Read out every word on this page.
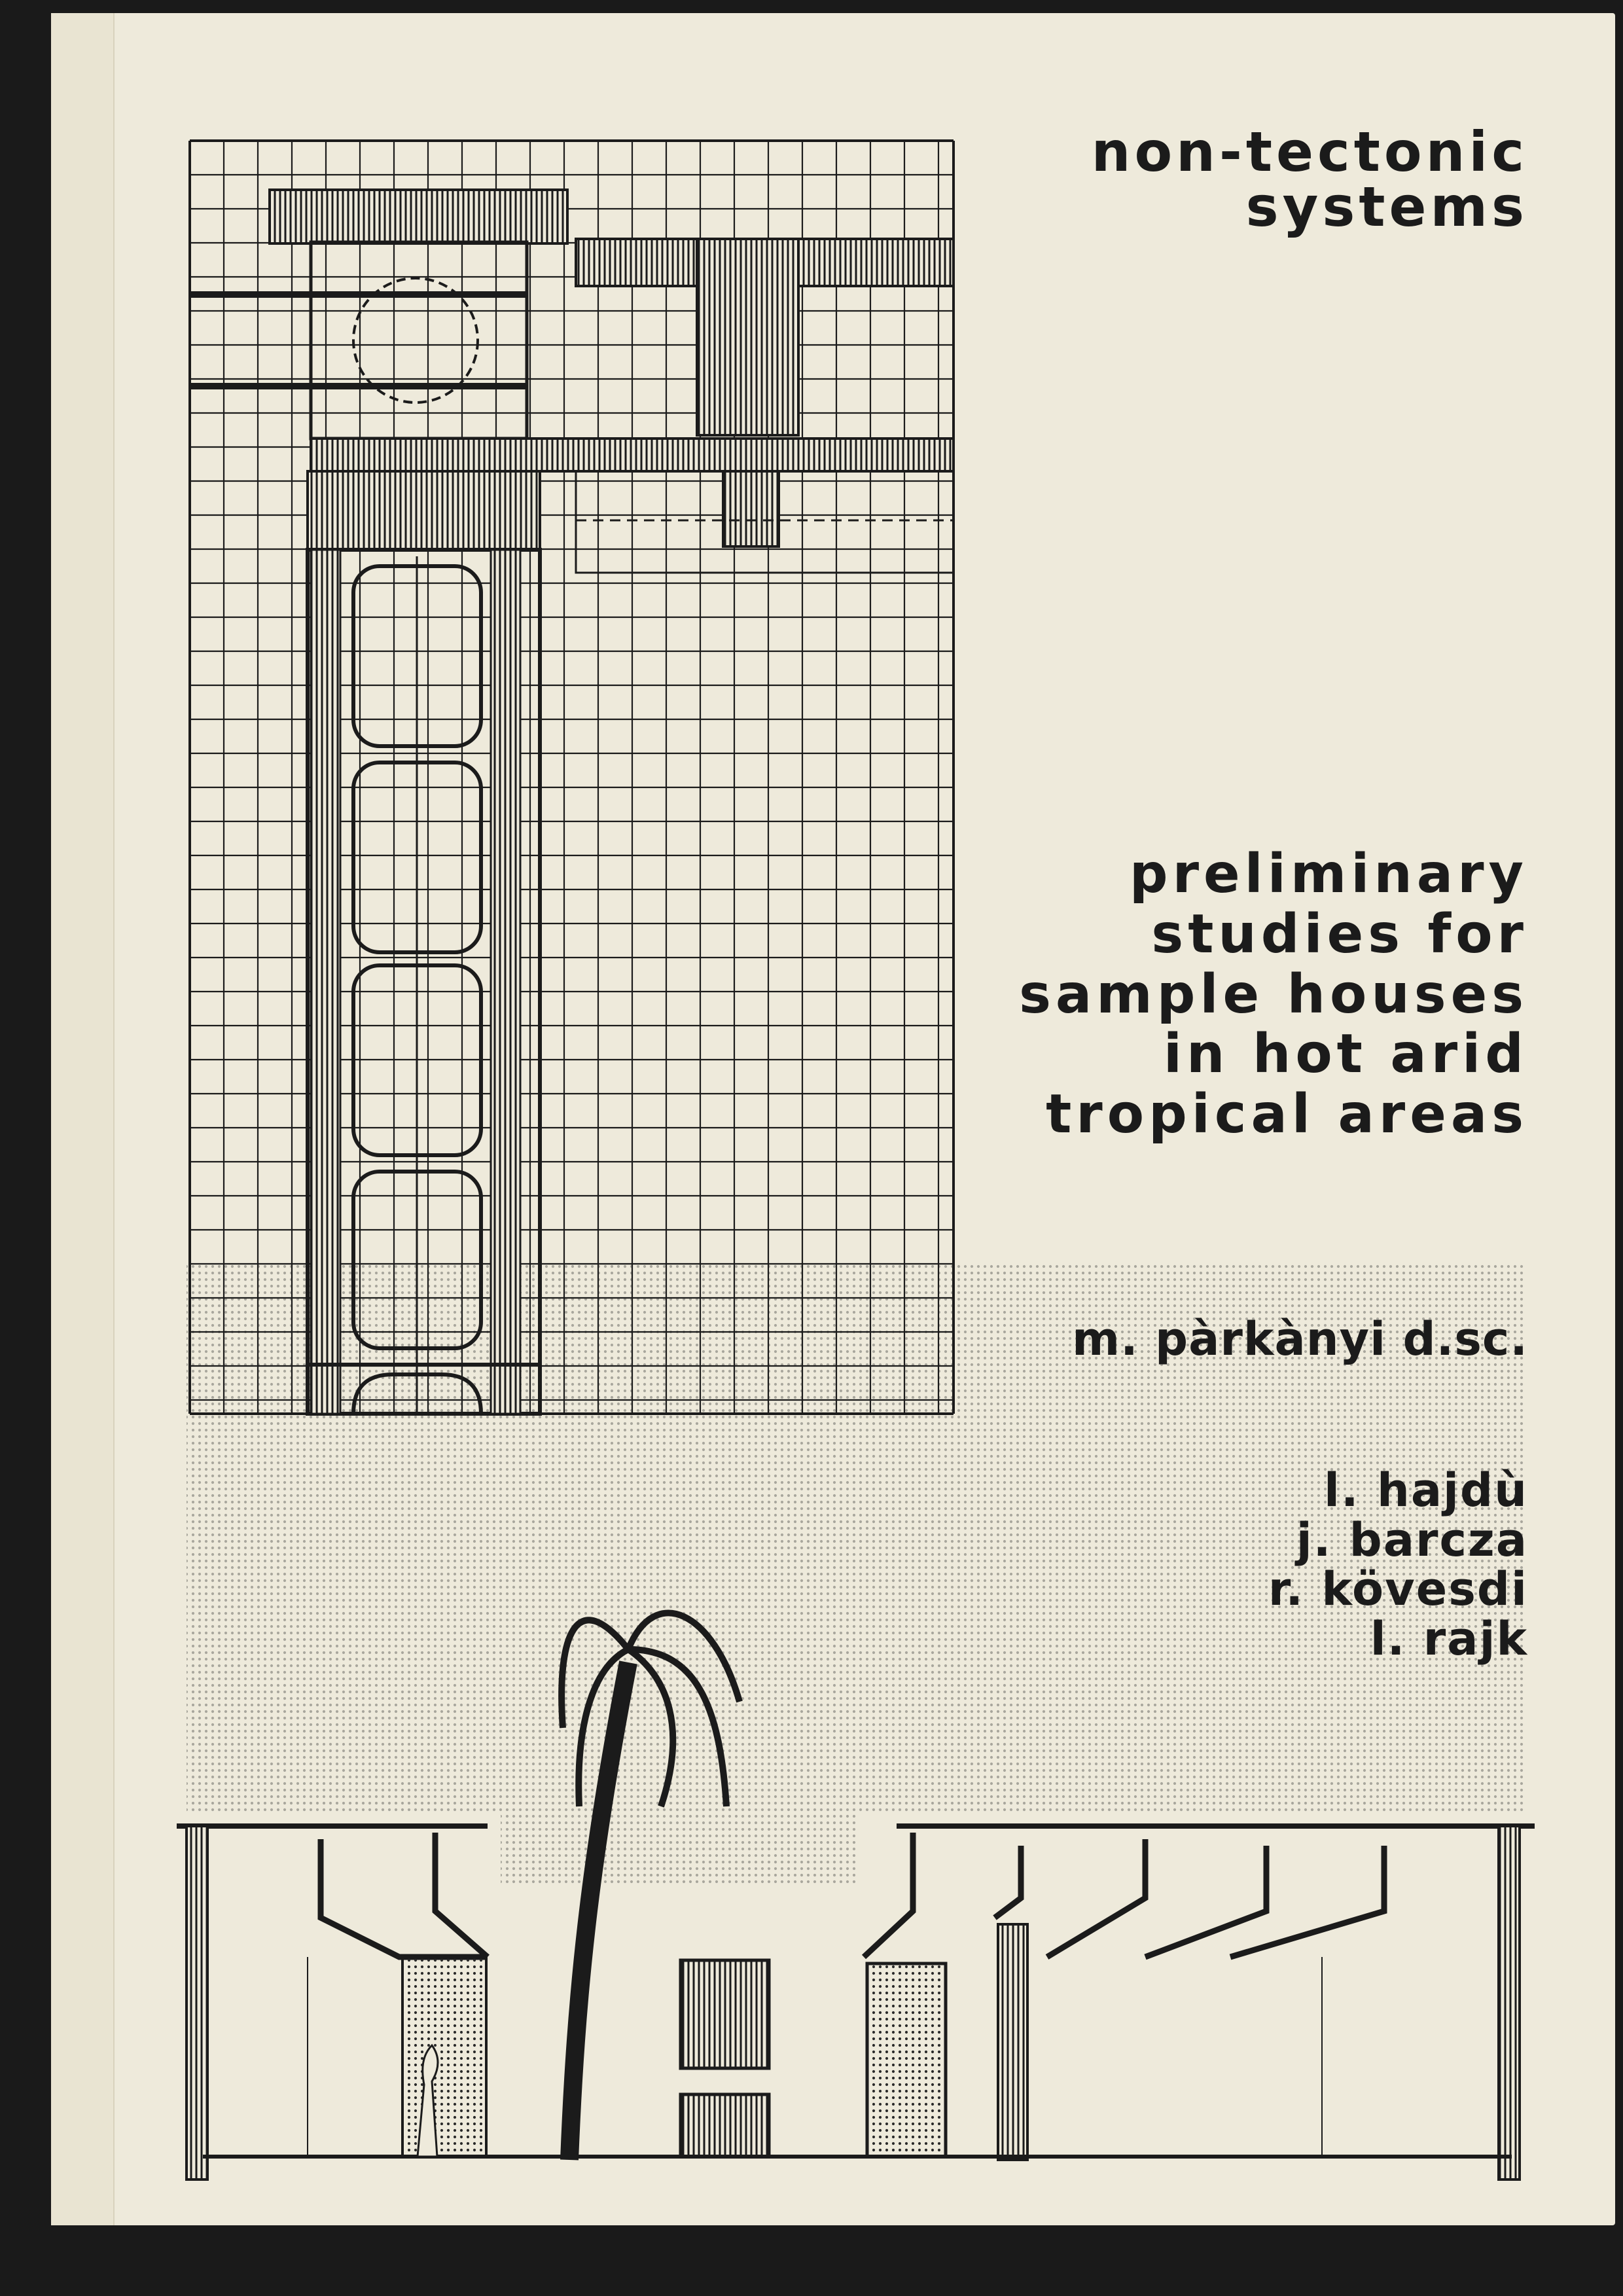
non-tectonic
systems
preliminary
studies for
sample houses
in hot arid
tropical areas
m. pàrkànyi d.sc.
l. hajdù
j. barcza
r. kövesdi
l. rajk
